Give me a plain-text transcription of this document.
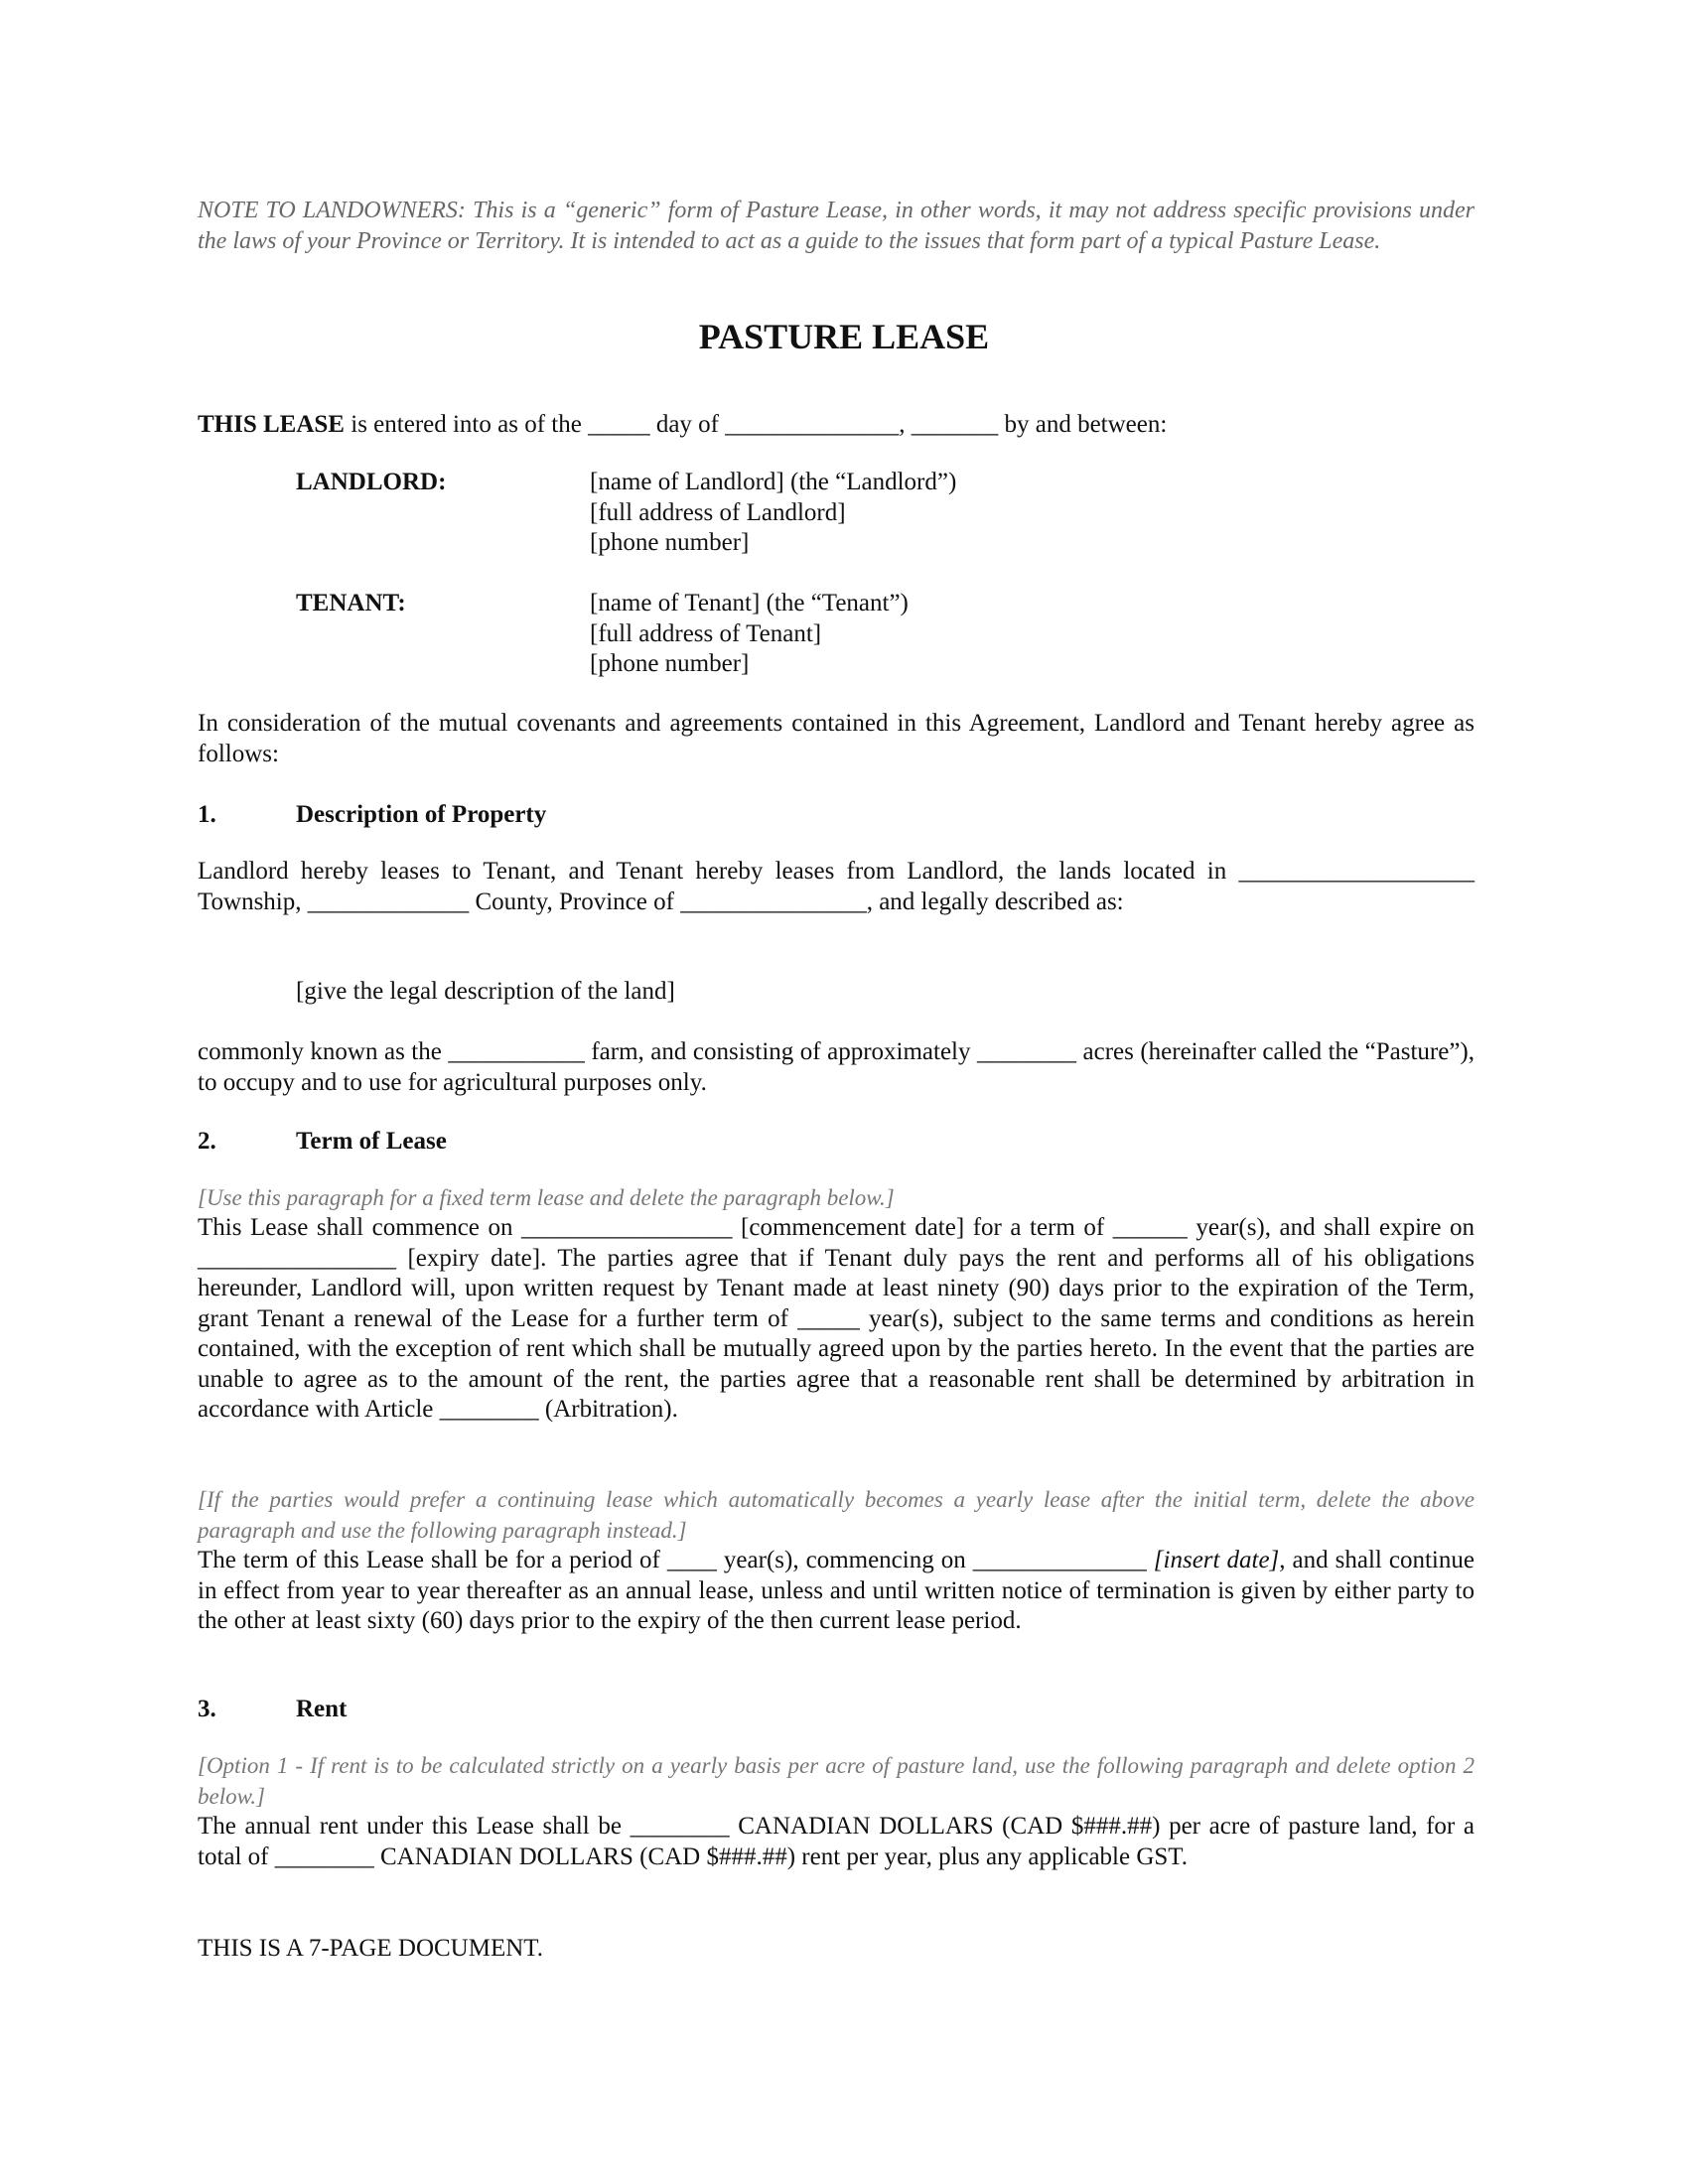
NOTE TO LANDOWNERS: This is a “generic” form of Pasture Lease, in other words, it may not address specific provisions under the laws of your Province or Territory. It is intended to act as a guide to the issues that form part of a typical Pasture Lease.
PASTURE LEASE
THIS LEASE is entered into as of the _____ day of ______________, _______ by and between:
LANDLORD:	[name of Landlord] (the “Landlord”)
[full address of Landlord]
[phone number]
TENANT:	[name of Tenant] (the “Tenant”)
[full address of Tenant]
[phone number]
In consideration of the mutual covenants and agreements contained in this Agreement, Landlord and Tenant hereby agree as follows:
1.	Description of Property
Landlord hereby leases to Tenant, and Tenant hereby leases from Landlord, the lands located in ___________________ Township, _____________ County, Province of _______________, and legally described as:
[give the legal description of the land]
commonly known as the ___________ farm, and consisting of approximately ________ acres (hereinafter called the “Pasture”), to occupy and to use for agricultural purposes only.
2.	Term of Lease
[Use this paragraph for a fixed term lease and delete the paragraph below.]
This Lease shall commence on _________________ [commencement date] for a term of ______ year(s), and shall expire on ________________ [expiry date]. The parties agree that if Tenant duly pays the rent and performs all of his obligations hereunder, Landlord will, upon written request by Tenant made at least ninety (90) days prior to the expiration of the Term, grant Tenant a renewal of the Lease for a further term of _____ year(s), subject to the same terms and conditions as herein contained, with the exception of rent which shall be mutually agreed upon by the parties hereto. In the event that the parties are unable to agree as to the amount of the rent, the parties agree that a reasonable rent shall be determined by arbitration in accordance with Article ________ (Arbitration).
[If the parties would prefer a continuing lease which automatically becomes a yearly lease after the initial term, delete the above paragraph and use the following paragraph instead.]
The term of this Lease shall be for a period of ____ year(s), commencing on ______________ [insert date], and shall continue in effect from year to year thereafter as an annual lease, unless and until written notice of termination is given by either party to the other at least sixty (60) days prior to the expiry of the then current lease period.
3.	Rent
[Option 1 - If rent is to be calculated strictly on a yearly basis per acre of pasture land, use the following paragraph and delete option 2 below.]
The annual rent under this Lease shall be ________ CANADIAN DOLLARS (CAD $###.##) per acre of pasture land, for a total of ________ CANADIAN DOLLARS (CAD $###.##) rent per year, plus any applicable GST.
THIS IS A 7-PAGE DOCUMENT.
